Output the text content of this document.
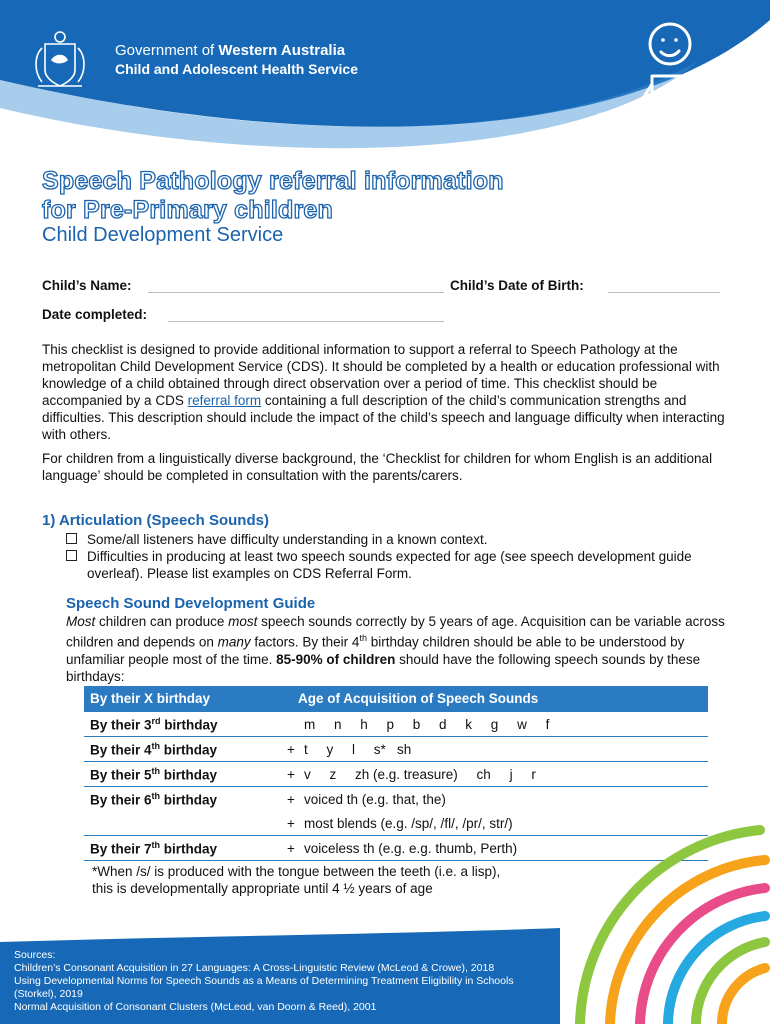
Government of Western Australia
Child and Adolescent Health Service
Speech Pathology referral information
for Pre-Primary children
Child Development Service
Child’s Name:	Child’s Date of Birth:
Date completed:
This checklist is designed to provide additional information to support a referral to Speech Pathology at the metropolitan Child Development Service (CDS). It should be completed by a health or education professional with knowledge of a child obtained through direct observation over a period of time. This checklist should be accompanied by a CDS referral form containing a full description of the child’s communication strengths and difficulties. This description should include the impact of the child’s speech and language difficulty when interacting with others.
For children from a linguistically diverse background, the ‘Checklist for children for whom English is an additional language’ should be completed in consultation with the parents/carers.
1) Articulation (Speech Sounds)
Some/all listeners have difficulty understanding in a known context.
Difficulties in producing at least two speech sounds expected for age (see speech development guide overleaf). Please list examples on CDS Referral Form.
Speech Sound Development Guide
Most children can produce most speech sounds correctly by 5 years of age. Acquisition can be variable across children and depends on many factors. By their 4th birthday children should be able to be understood by unfamiliar people most of the time. 85-90% of children should have the following speech sounds by these birthdays:
By their X birthday	Age of Acquisition of Speech Sounds	
By their 3rd birthday		m     n     h     p     b     d     k     g     w     f
By their 4th birthday	+	t     y     l     s*   sh
By their 5th birthday	+	v     z     zh (e.g. treasure)     ch     j     r
By their 6th birthday	+	voiced th (e.g. that, the)
	+	most blends (e.g. /sp/, /fl/, /pr/, str/)
By their 7th birthday	+	voiceless th (e.g. e.g. thumb, Perth)
*When /s/ is produced with the tongue between the teeth (i.e. a lisp),
this is developmentally appropriate until 4 ½ years of age
Sources:
Children’s Consonant Acquisition in 27 Languages: A Cross-Linguistic Review (McLeod & Crowe), 2018
Using Developmental Norms for Speech Sounds as a Means of Determining Treatment Eligibility in Schools (Storkel), 2019
Normal Acquisition of Consonant Clusters (McLeod, van Doorn & Reed), 2001
